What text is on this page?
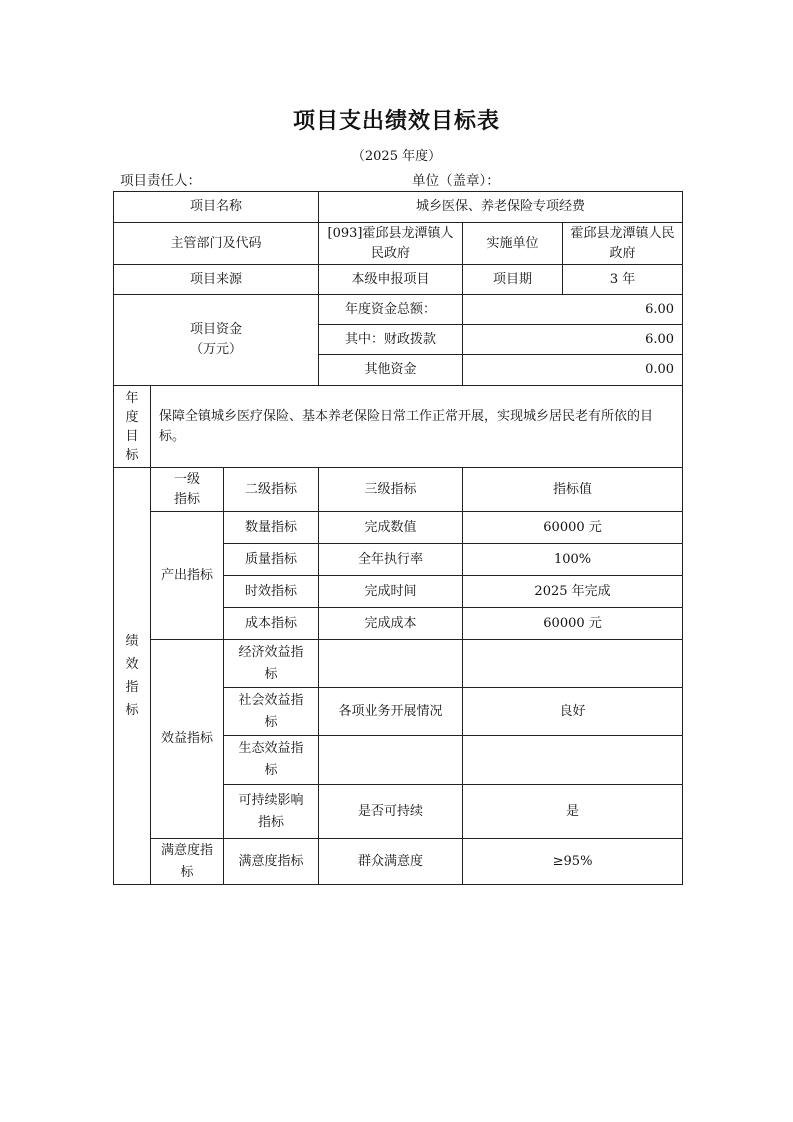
项目支出绩效目标表
（2025 年度）
项目责任人：	单位（盖章）：
项目名称			城乡医保、养老保险专项经费		
主管部门及代码			[093]霍邱县龙潭镇人民政府	实施单位	霍邱县龙潭镇人民政府
项目来源			本级申报项目	项目期	3 年

项目资金
（万元）			年度资金总额：	6.00	
			其中：财政拨款	6.00	
			其他资金	0.00	

年度目标	保障全镇城乡医疗保险、基本养老保险日常工作正常开展，实现城乡居民老有所依的目标。				

绩效指标	一级指标	二级指标	三级指标	指标值	
	产出指标	数量指标	完成数值	60000 元	
		质量指标	全年执行率	100%	
		时效指标	完成时间	2025 年完成	
		成本指标	完成成本	60000 元	
	效益指标	经济效益指标			

		社会效益指标	各项业务开展情况	良好	

		生态效益指标			

		可持续影响指标	是否可持续	是	

	满意度指标	满意度指标	群众满意度	≥95%	
